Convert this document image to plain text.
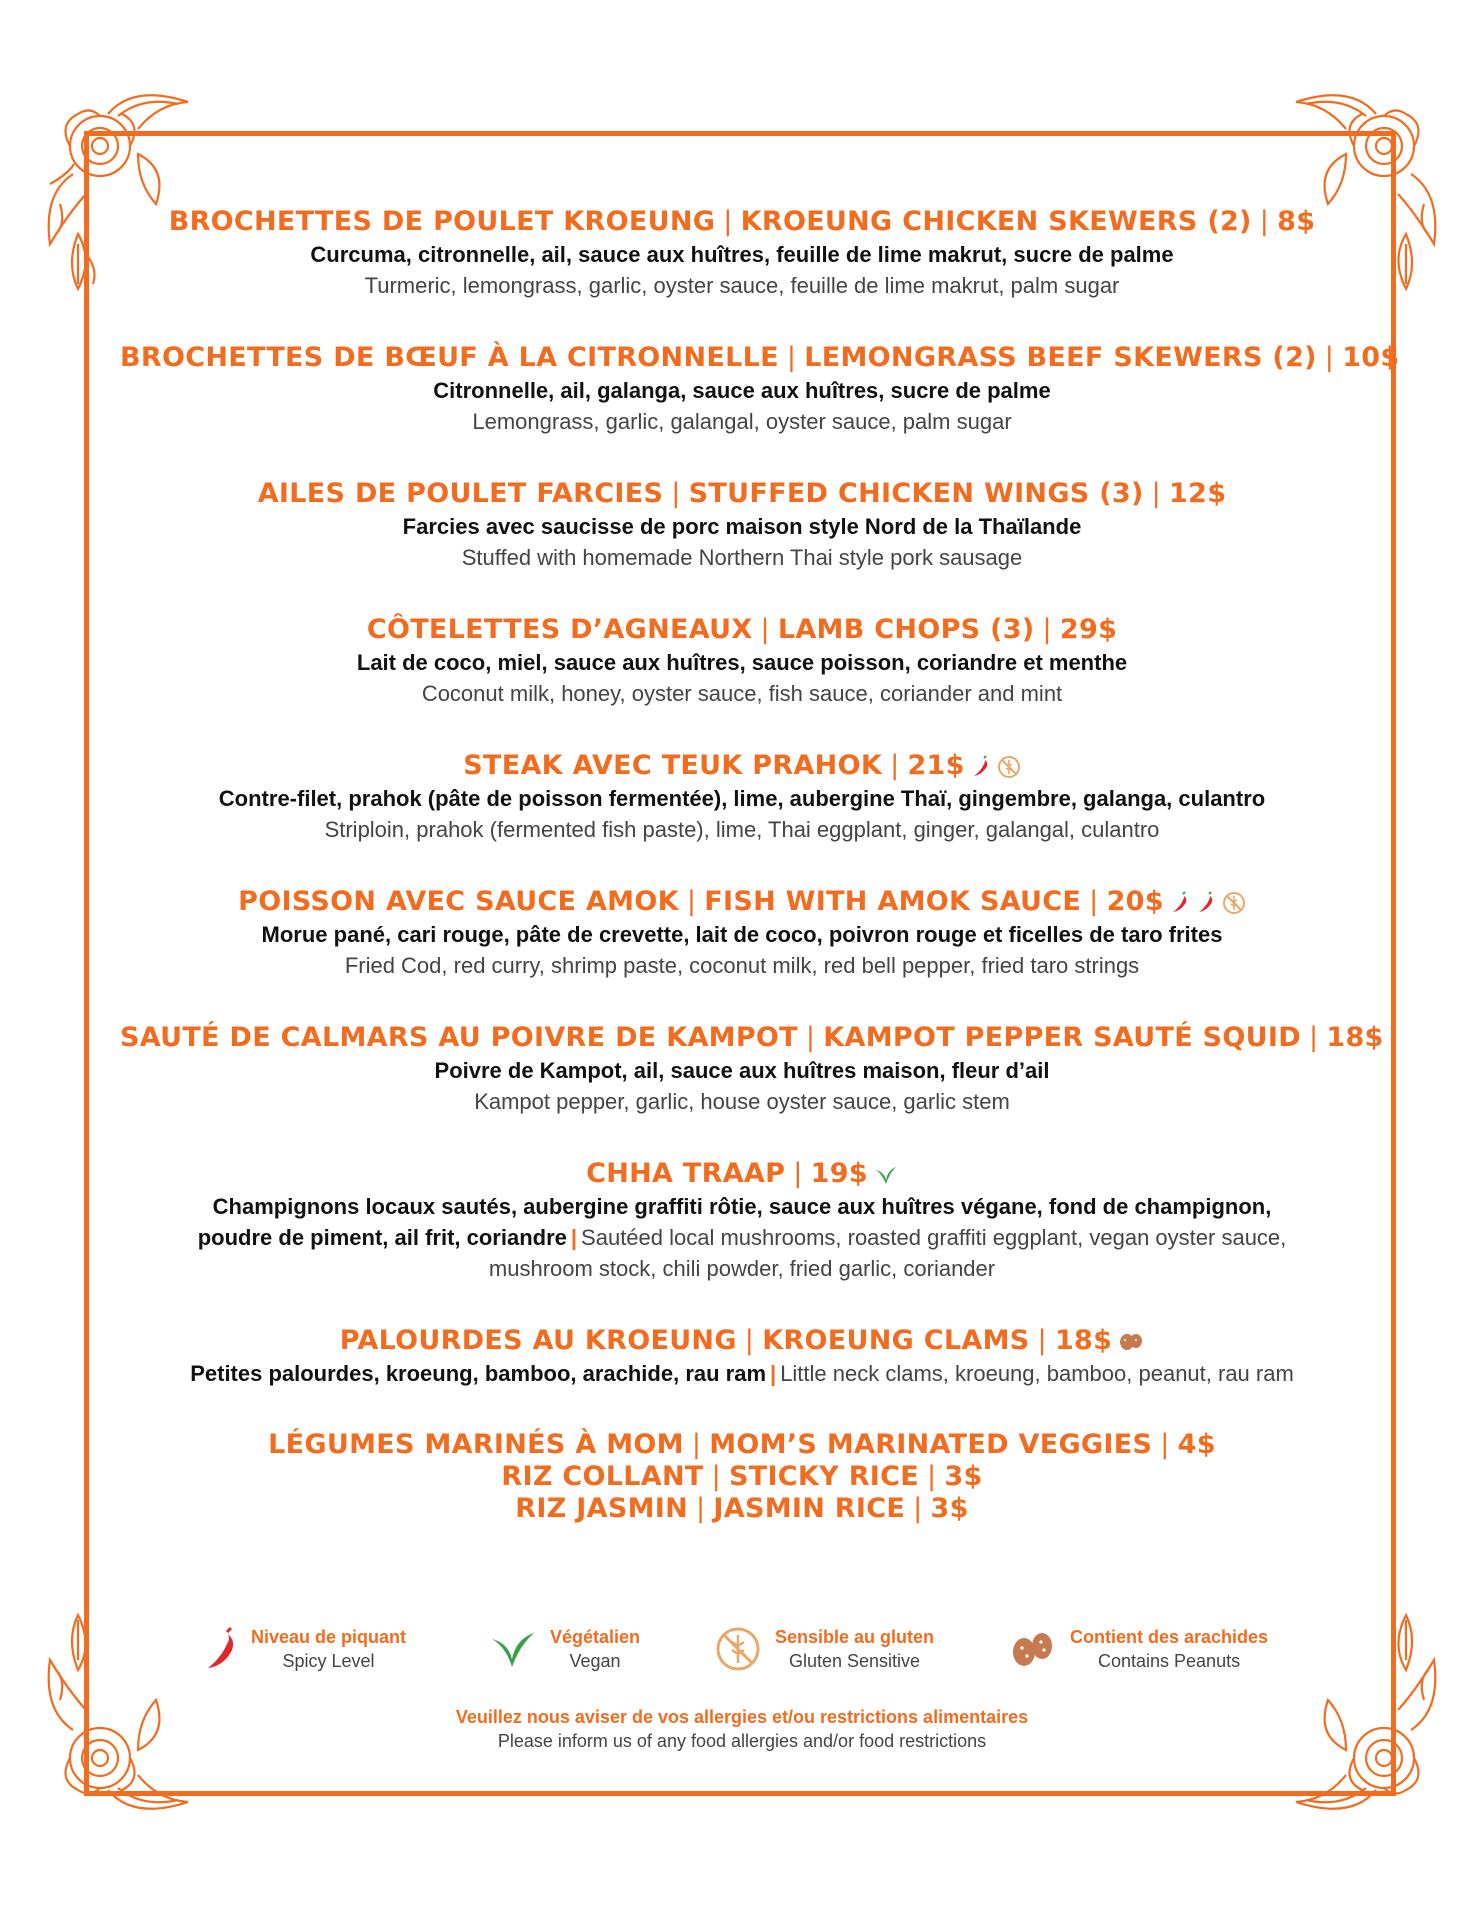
BROCHETTES DE POULET KROEUNG | KROEUNG CHICKEN SKEWERS (2) | 8$
Curcuma, citronnelle, ail, sauce aux huîtres, feuille de lime makrut, sucre de palme
Turmeric, lemongrass, garlic, oyster sauce, feuille de lime makrut, palm sugar
BROCHETTES DE BŒUF À LA CITRONNELLE | LEMONGRASS BEEF SKEWERS (2) | 10$
Citronnelle, ail, galanga, sauce aux huîtres, sucre de palme
Lemongrass, garlic, galangal, oyster sauce, palm sugar
AILES DE POULET FARCIES | STUFFED CHICKEN WINGS (3) | 12$
Farcies avec saucisse de porc maison style Nord de la Thaïlande
Stuffed with homemade Northern Thai style pork sausage
CÔTELETTES D’AGNEAUX | LAMB CHOPS (3) | 29$
Lait de coco, miel, sauce aux huîtres, sauce poisson, coriandre et menthe
Coconut milk, honey, oyster sauce, fish sauce, coriander and mint
STEAK AVEC TEUK PRAHOK | 21$
Contre-filet, prahok (pâte de poisson fermentée), lime, aubergine Thaï, gingembre, galanga, culantro
Striploin, prahok (fermented fish paste), lime, Thai eggplant, ginger, galangal, culantro
POISSON AVEC SAUCE AMOK | FISH WITH AMOK SAUCE | 20$
Morue pané, cari rouge, pâte de crevette, lait de coco, poivron rouge et ficelles de taro frites
Fried Cod, red curry, shrimp paste, coconut milk, red bell pepper, fried taro strings
SAUTÉ DE CALMARS AU POIVRE DE KAMPOT | KAMPOT PEPPER SAUTÉ SQUID | 18$
Poivre de Kampot, ail, sauce aux huîtres maison, fleur d’ail
Kampot pepper, garlic, house oyster sauce, garlic stem
CHHA TRAAP | 19$
Champignons locaux sautés, aubergine graffiti rôtie, sauce aux huîtres végane, fond de champignon,
poudre de piment, ail frit, coriandre | Sautéed local mushrooms, roasted graffiti eggplant, vegan oyster sauce,
mushroom stock, chili powder, fried garlic, coriander
PALOURDES AU KROEUNG | KROEUNG CLAMS | 18$
Petites palourdes, kroeung, bamboo, arachide, rau ram | Little neck clams, kroeung, bamboo, peanut, rau ram
LÉGUMES MARINÉS À MOM | MOM’S MARINATED VEGGIES | 4$
RIZ COLLANT | STICKY RICE | 3$
RIZ JASMIN | JASMIN RICE | 3$
Niveau de piquant
Spicy Level
Végétalien
Vegan
Sensible au gluten
Gluten Sensitive
Contient des arachides
Contains Peanuts
Veuillez nous aviser de vos allergies et/ou restrictions alimentaires
Please inform us of any food allergies and/or food restrictions
